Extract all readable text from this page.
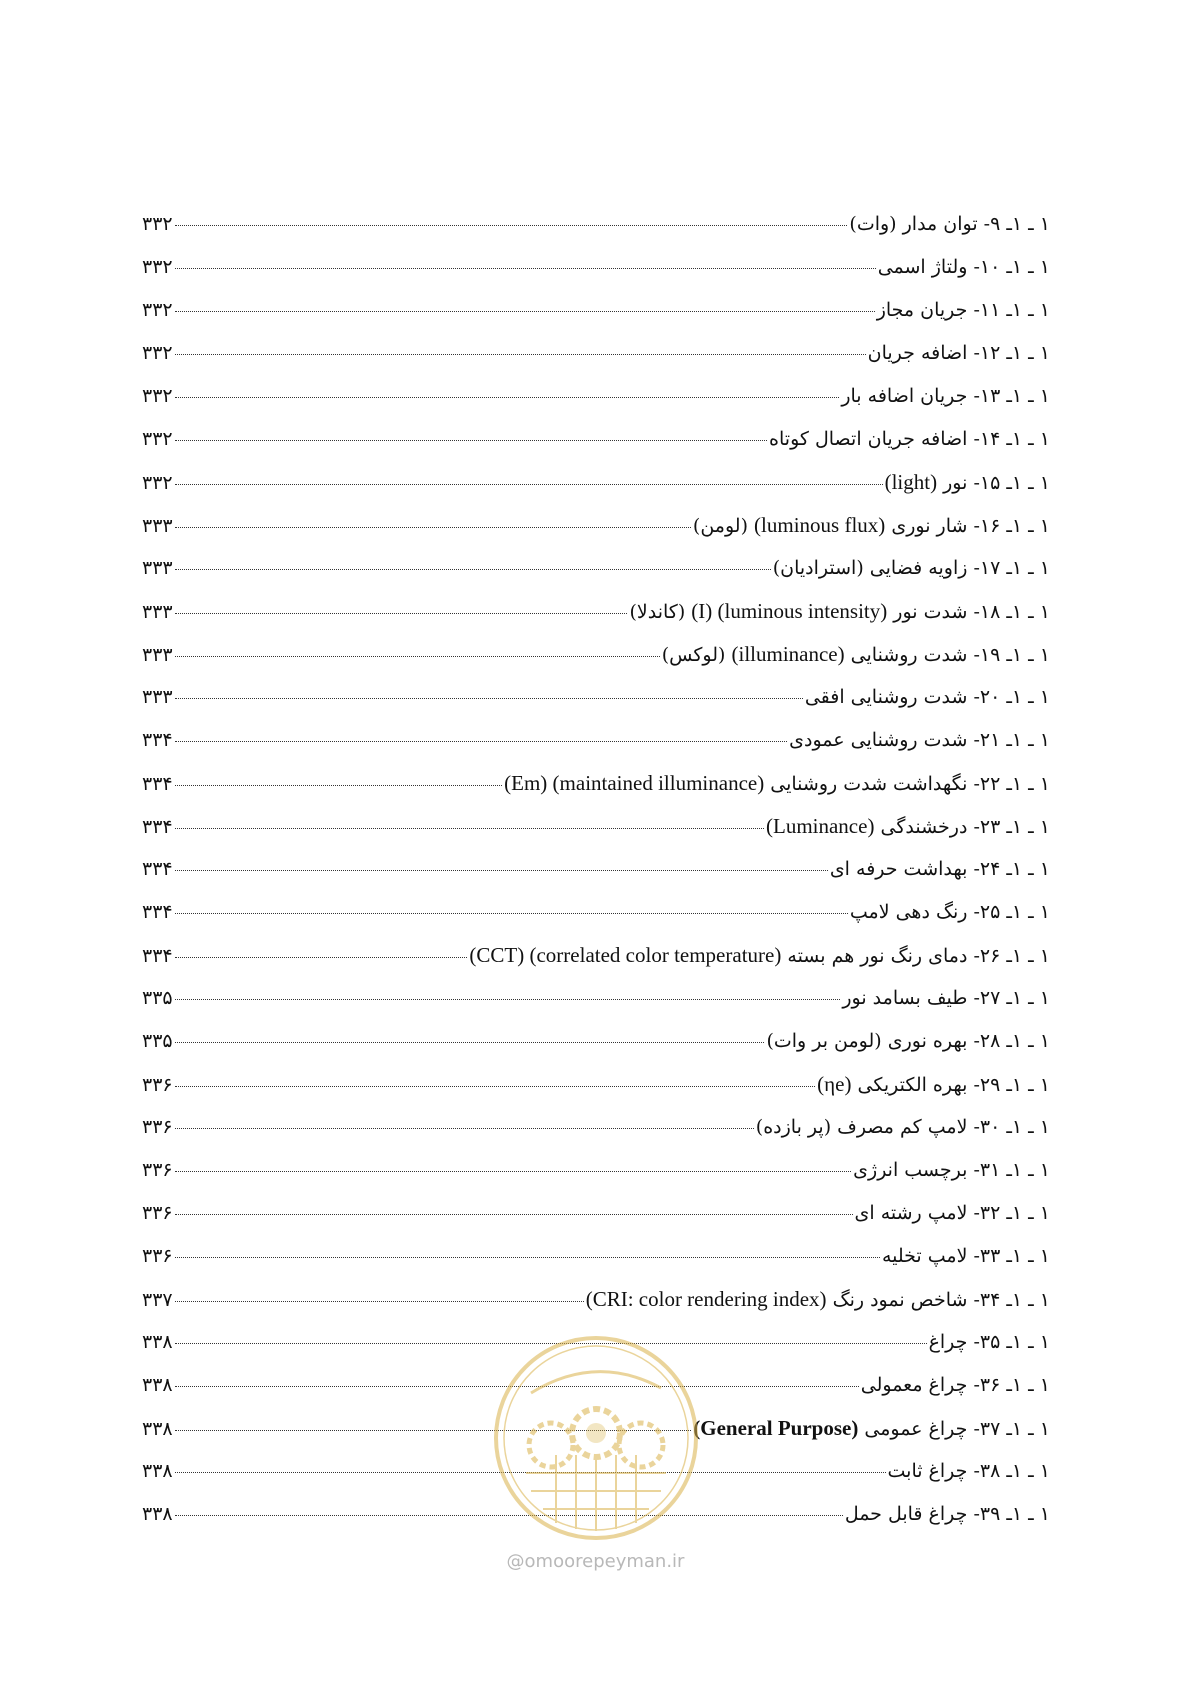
۱ ـ ۱ـ ۹- توان مدار (وات)
۳۳۲
۱ ـ ۱ـ ۱۰- ولتاژ اسمی
۳۳۲
۱ ـ ۱ـ ۱۱- جریان مجاز
۳۳۲
۱ ـ ۱ـ ۱۲- اضافه جریان
۳۳۲
۱ ـ ۱ـ ۱۳- جریان اضافه بار
۳۳۲
۱ ـ ۱ـ ۱۴- اضافه جریان اتصال کوتاه
۳۳۲
۱ ـ ۱ـ ۱۵- نور (light)
۳۳۲
۱ ـ ۱ـ ۱۶- شار نوری (luminous flux) (لومن)
۳۳۳
۱ ـ ۱ـ ۱۷- زاویه فضایی (استرادیان)
۳۳۳
۱ ـ ۱ـ ۱۸- شدت نور (I) (luminous intensity) (کاندلا)
۳۳۳
۱ ـ ۱ـ ۱۹- شدت روشنایی (illuminance) (لوکس)
۳۳۳
۱ ـ ۱ـ ۲۰- شدت روشنایی افقی
۳۳۳
۱ ـ ۱ـ ۲۱- شدت روشنایی عمودی
۳۳۴
۱ ـ ۱ـ ۲۲- نگهداشت شدت روشنایی (Em) (maintained illuminance)
۳۳۴
۱ ـ ۱ـ ۲۳- درخشندگی (Luminance)
۳۳۴
۱ ـ ۱ـ ۲۴- بهداشت حرفه ای
۳۳۴
۱ ـ ۱ـ ۲۵- رنگ دهی لامپ
۳۳۴
۱ ـ ۱ـ ۲۶- دمای رنگ نور هم بسته (CCT) (correlated color temperature)
۳۳۴
۱ ـ ۱ـ ۲۷- طیف بسامد نور
۳۳۵
۱ ـ ۱ـ ۲۸- بهره نوری (لومن بر وات)
۳۳۵
۱ ـ ۱ـ ۲۹- بهره الکتریکی (ηe)
۳۳۶
۱ ـ ۱ـ ۳۰- لامپ کم مصرف (پر بازده)
۳۳۶
۱ ـ ۱ـ ۳۱- برچسب انرژی
۳۳۶
۱ ـ ۱ـ ۳۲- لامپ رشته ای
۳۳۶
۱ ـ ۱ـ ۳۳- لامپ تخلیه
۳۳۶
۱ ـ ۱ـ ۳۴- شاخص نمود رنگ (CRI: color rendering index)
۳۳۷
۱ ـ ۱ـ ۳۵- چراغ
۳۳۸
۱ ـ ۱ـ ۳۶- چراغ معمولی
۳۳۸
۱ ـ ۱ـ ۳۷- چراغ عمومی (General Purpose)
۳۳۸
۱ ـ ۱ـ ۳۸- چراغ ثابت
۳۳۸
۱ ـ ۱ـ ۳۹- چراغ قابل حمل
۳۳۸
@omoorepeyman.ir
